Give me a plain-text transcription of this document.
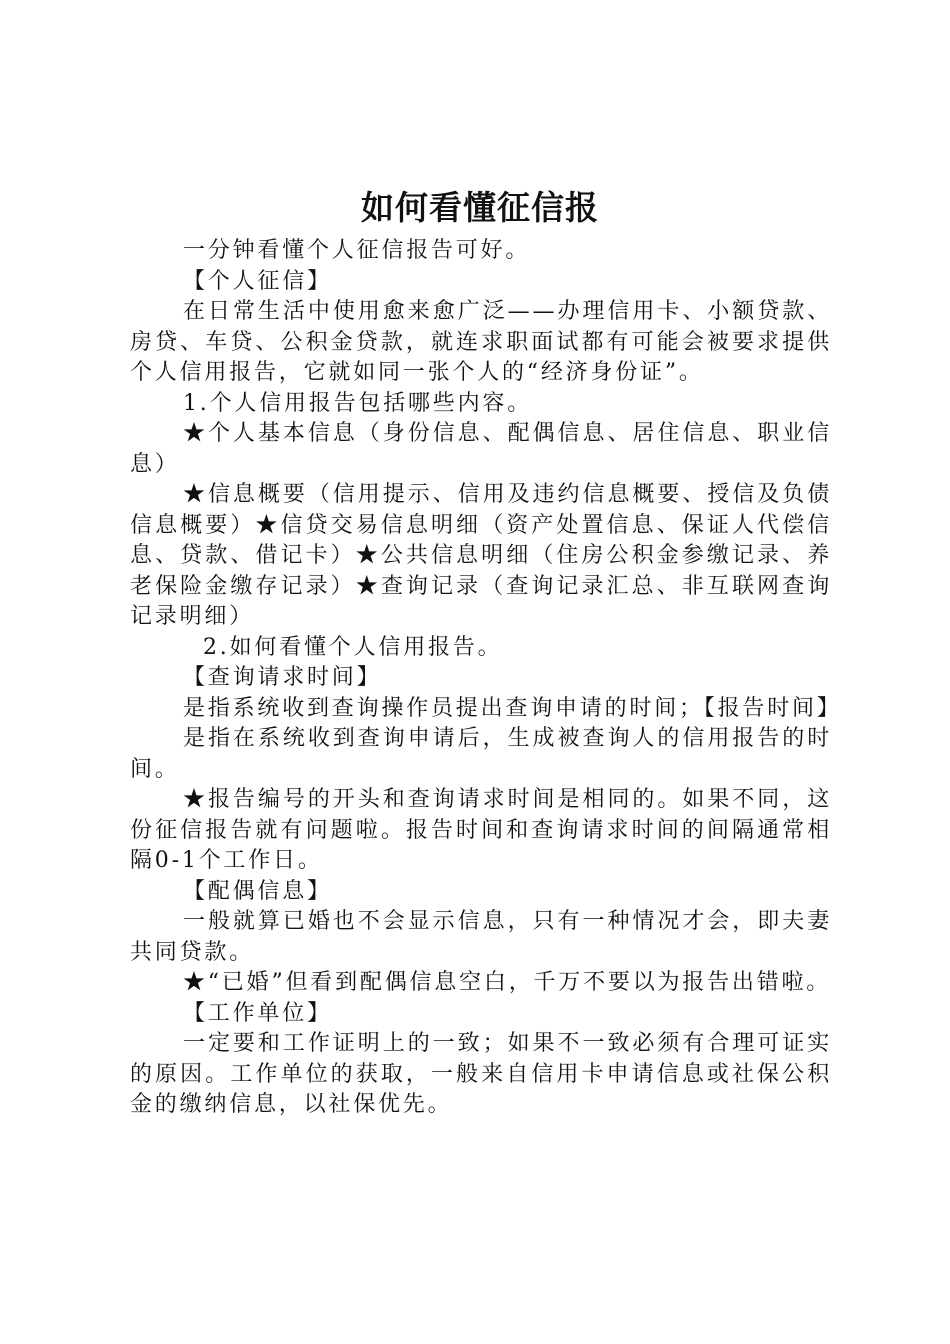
如何看懂征信报

一分钟看懂个人征信报告可好。

【个人征信】

在日常生活中使用愈来愈广泛——办理信用卡、小额贷款、房贷、车贷、公积金贷款，就连求职面试都有可能会被要求提供个人信用报告，它就如同一张个人的“经济身份证”。

1.个人信用报告包括哪些内容。

★个人基本信息（身份信息、配偶信息、居住信息、职业信息）

★信息概要（信用提示、信用及违约信息概要、授信及负债信息概要）★信贷交易信息明细（资产处置信息、保证人代偿信息、贷款、借记卡）★公共信息明细（住房公积金参缴记录、养老保险金缴存记录）★查询记录（查询记录汇总、非互联网查询记录明细）

2.如何看懂个人信用报告。

【查询请求时间】

是指系统收到查询操作员提出查询申请的时间；【报告时间】

是指在系统收到查询申请后，生成被查询人的信用报告的时间。

★报告编号的开头和查询请求时间是相同的。如果不同，这份征信报告就有问题啦。报告时间和查询请求时间的间隔通常相隔0-1个工作日。

【配偶信息】

一般就算已婚也不会显示信息，只有一种情况才会，即夫妻共同贷款。

★“已婚”但看到配偶信息空白，千万不要以为报告出错啦。

【工作单位】

一定要和工作证明上的一致；如果不一致必须有合理可证实的原因。工作单位的获取，一般来自信用卡申请信息或社保公积金的缴纳信息，以社保优先。
